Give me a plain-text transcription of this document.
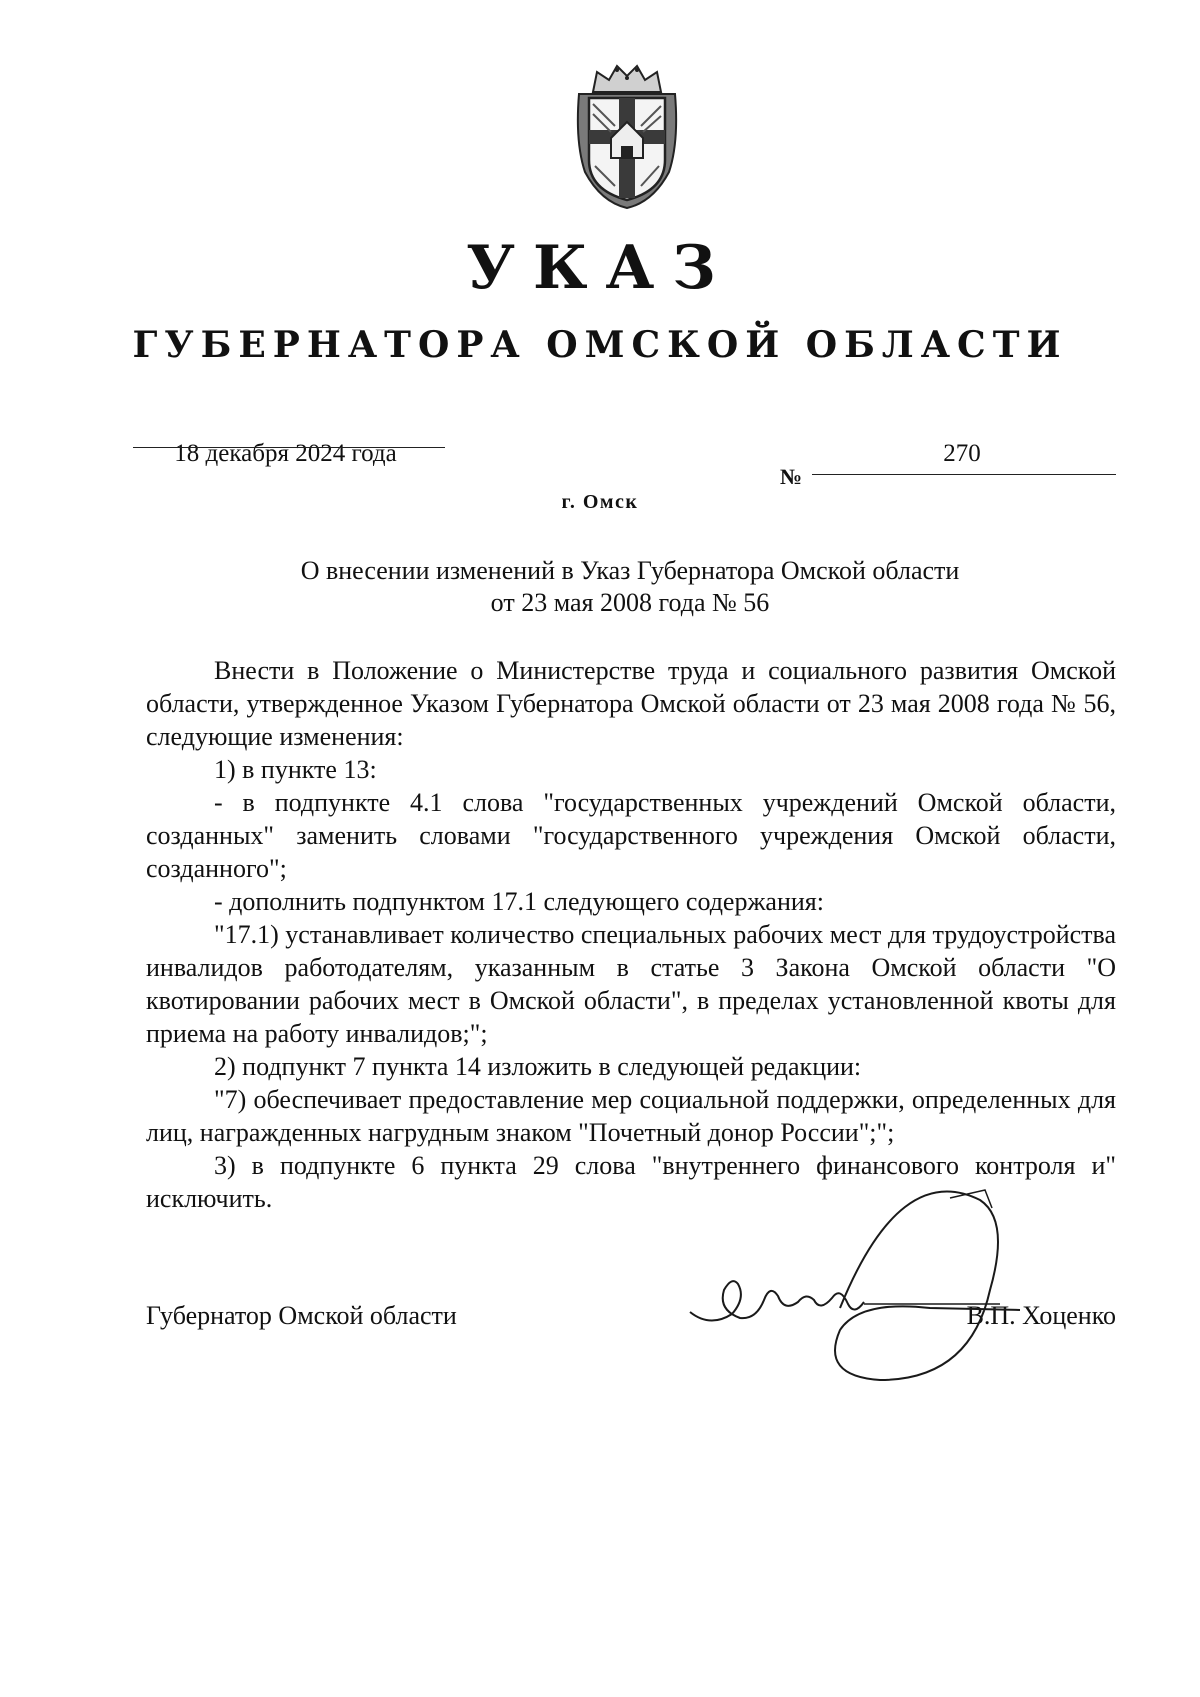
УКАЗ
ГУБЕРНАТОРА ОМСКОЙ ОБЛАСТИ
18 декабря 2024 года
№
270
г. Омск

О внесении изменений в Указ Губернатора Омской области

от 23 мая 2008 года № 56

Внести в Положение о Министерстве труда и социального развития Омской области, утвержденное Указом Губернатора Омской области от 23 мая 2008 года № 56, следующие изменения:

1) в пункте 13:

- в подпункте 4.1 слова "государственных учреждений Омской области, созданных" заменить словами "государственного учреждения Омской области, созданного";

- дополнить подпунктом 17.1 следующего содержания:

"17.1) устанавливает количество специальных рабочих мест для трудоустройства инвалидов работодателям, указанным в статье 3 Закона Омской области "О квотировании рабочих мест в Омской области", в пределах установленной квоты для приема на работу инвалидов;";

2) подпункт 7 пункта 14 изложить в следующей редакции:

"7) обеспечивает предоставление мер социальной поддержки, определенных для лиц, награжденных нагрудным знаком "Почетный донор России";";

3) в подпункте 6 пункта 29 слова "внутреннего финансового контроля и" исключить.

Губернатор Омской области	В.П. Хоценко
